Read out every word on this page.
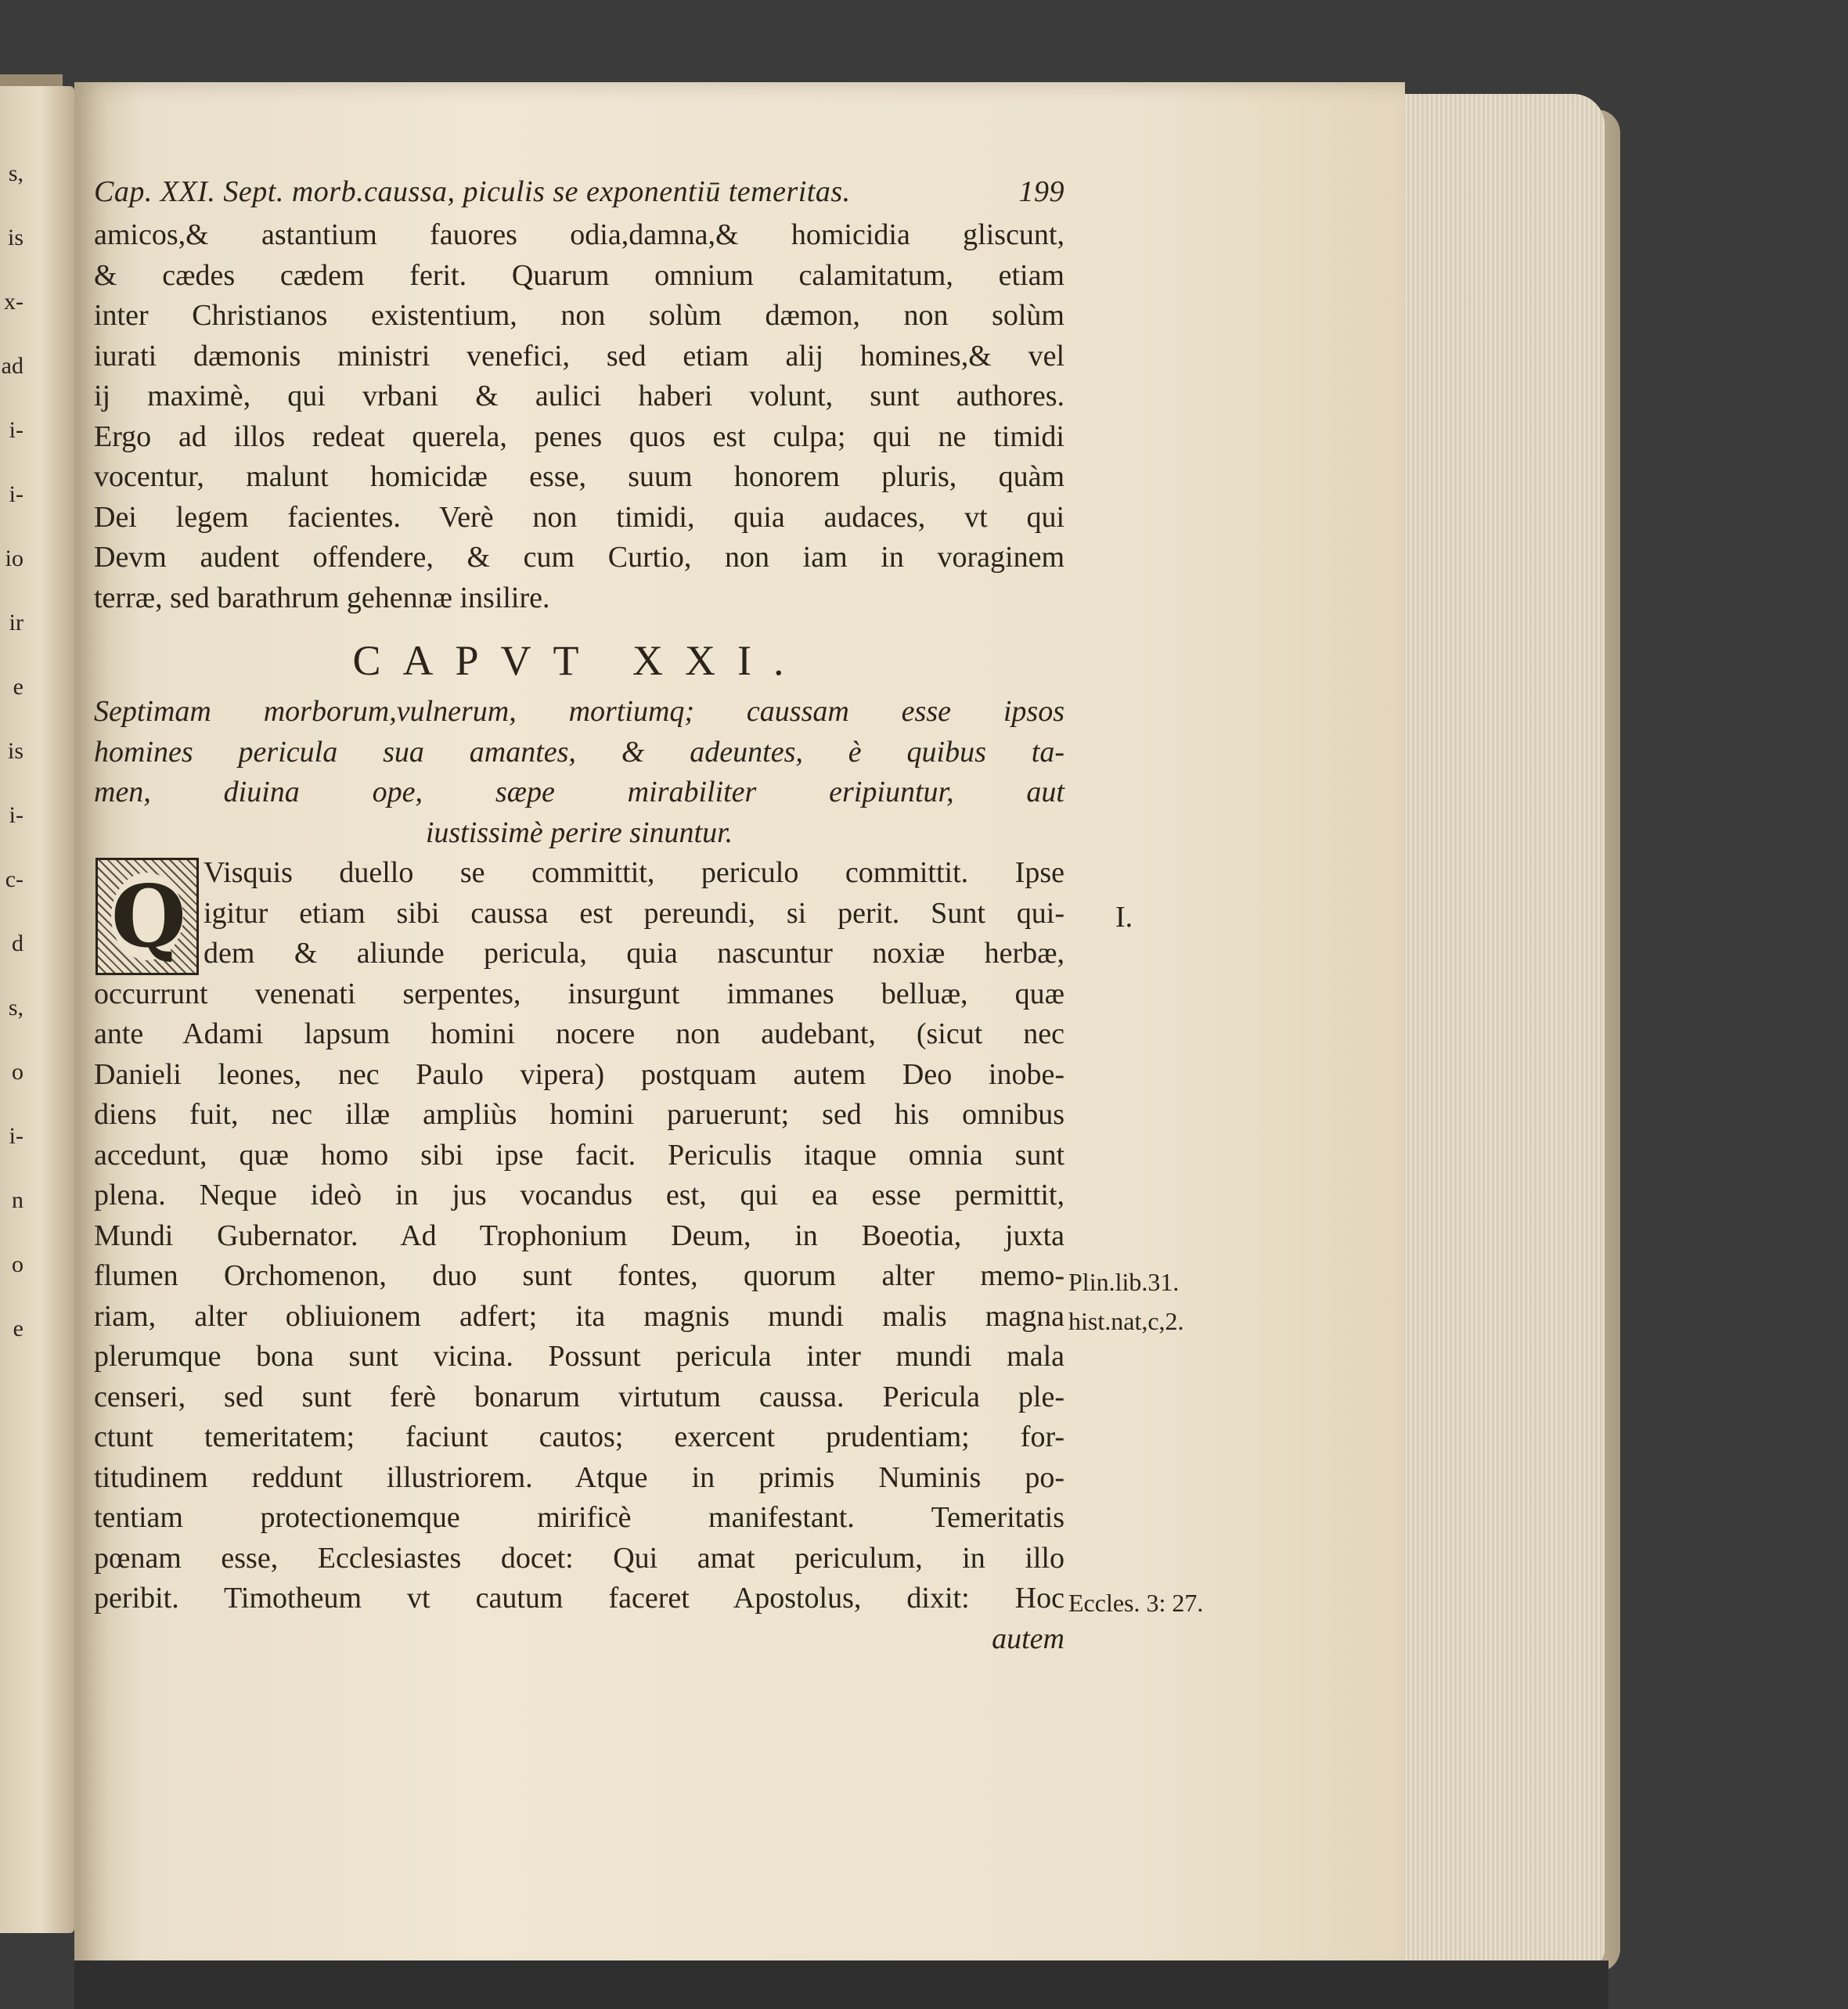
s,
is
x-
ad
i-
i-
io
ir
e
is
i-
c-
d
s,
o
i-
n
o
e
Cap. XXI. Sept. morb.caussa, piculis se exponentiū temeritas.	199
amicos,& astantium fauores odia,damna,& homicidia gliscunt,
& cædes cædem ferit. Quarum omnium calamitatum, etiam
inter Christianos existentium, non solùm dæmon, non solùm
iurati dæmonis ministri venefici, sed etiam alij homines,& vel
ij maximè, qui vrbani & aulici haberi volunt, sunt authores.
Ergo ad illos redeat querela, penes quos est culpa; qui ne timidi
vocentur, malunt homicidæ esse, suum honorem pluris, quàm
Dei legem facientes. Verè non timidi, quia audaces, vt qui
Devm audent offendere, & cum Curtio, non iam in voraginem
terræ, sed barathrum gehennæ insilire.
CAPVT XXI.
Septimam morborum,vulnerum, mortiumq; caussam esse ipsos
homines pericula sua amantes, & adeuntes, è quibus ta-
men, diuina ope, sæpe mirabiliter eripiuntur, aut
iustissimè perire sinuntur.
Q Visquis duello se committit, periculo committit. Ipse
igitur etiam sibi caussa est pereundi, si perit. Sunt qui-
dem & aliunde pericula, quia nascuntur noxiæ herbæ,
occurrunt venenati serpentes, insurgunt immanes belluæ, quæ
ante Adami lapsum homini nocere non audebant, (sicut nec
Danieli leones, nec Paulo vipera) postquam autem Deo inobe-
diens fuit, nec illæ ampliùs homini paruerunt; sed his omnibus
accedunt, quæ homo sibi ipse facit. Periculis itaque omnia sunt
plena. Neque ideò in jus vocandus est, qui ea esse permittit,
Mundi Gubernator. Ad Trophonium Deum, in Boeotia, juxta
flumen Orchomenon, duo sunt fontes, quorum alter memo-
riam, alter obliuionem adfert; ita magnis mundi malis magna
plerumque bona sunt vicina. Possunt pericula inter mundi mala
censeri, sed sunt ferè bonarum virtutum caussa. Pericula ple-
ctunt temeritatem; faciunt cautos; exercent prudentiam; for-
titudinem reddunt illustriorem. Atque in primis Numinis po-
tentiam protectionemque mirificè manifestant. Temeritatis
pœnam esse, Ecclesiastes docet: Qui amat periculum, in illo
peribit. Timotheum vt cautum faceret Apostolus, dixit: Hoc
autem
I.
Plin.lib.31.
hist.nat,c,2.
Eccles. 3: 27.
